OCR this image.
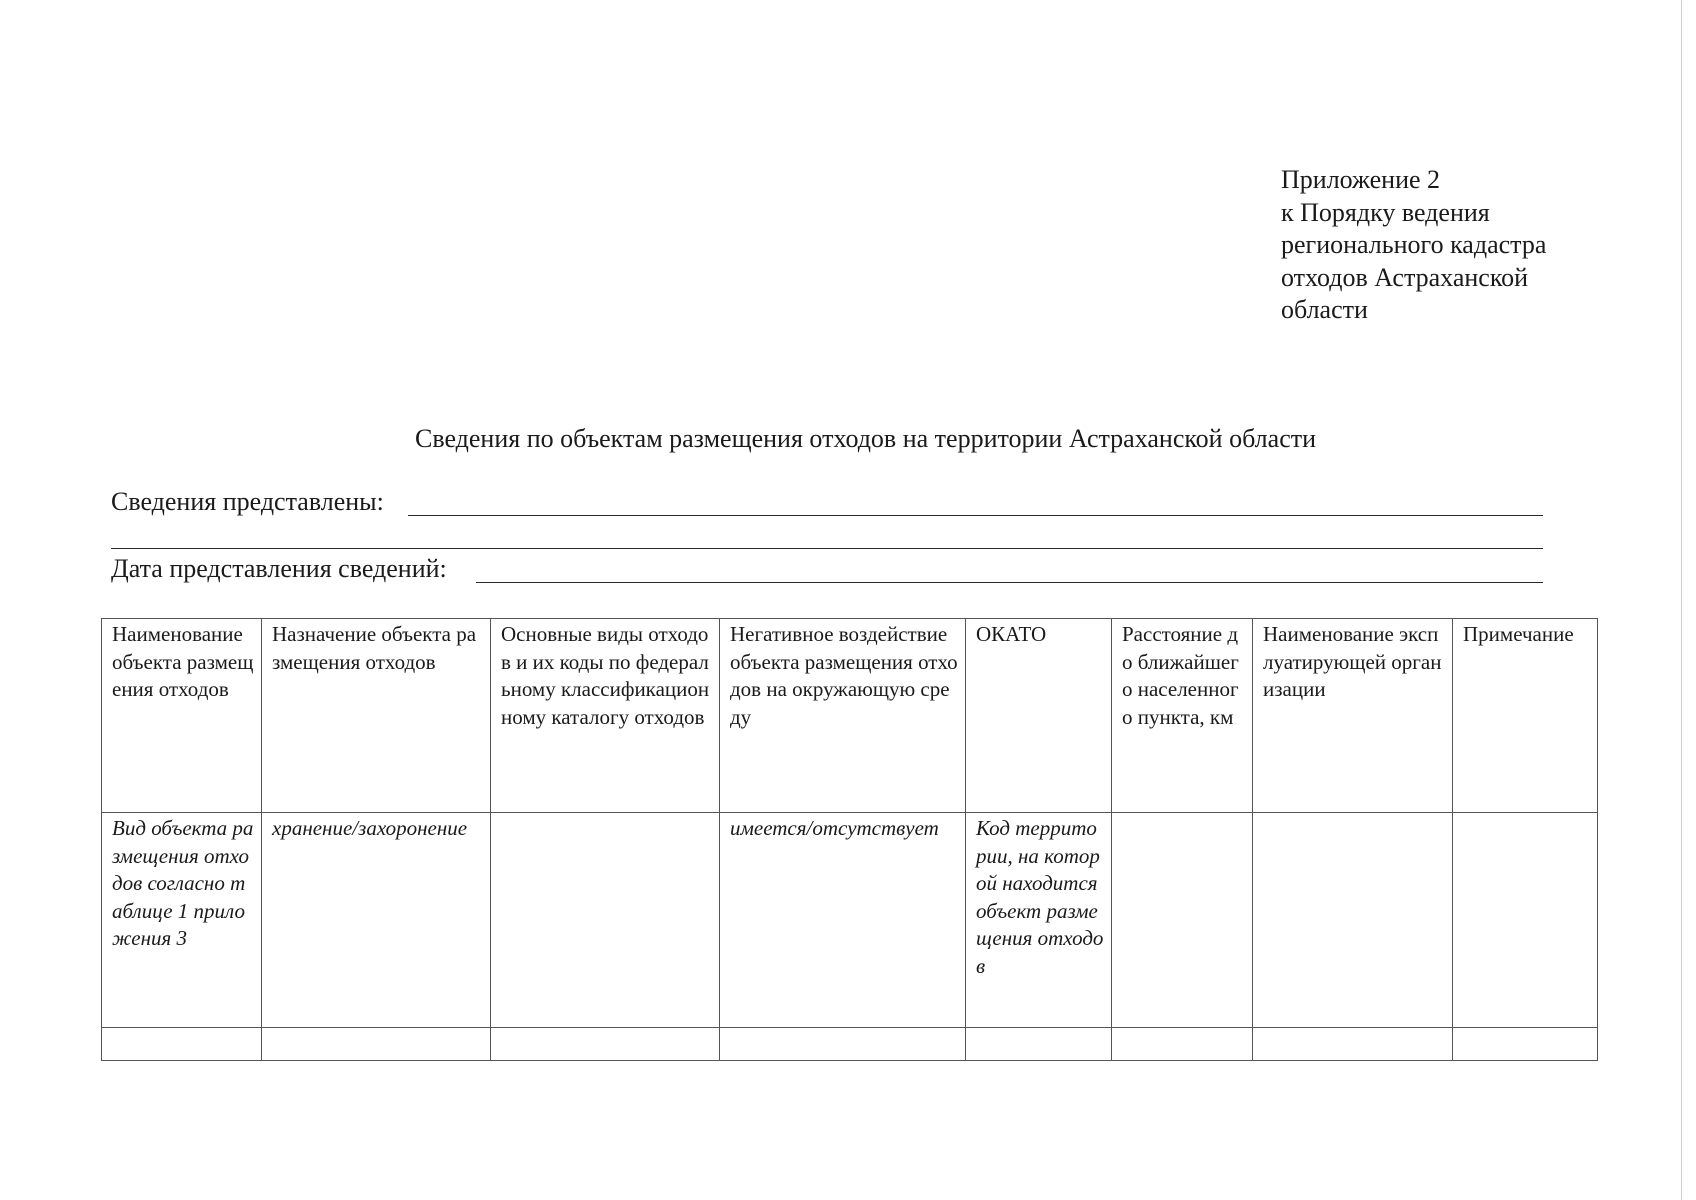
Приложение 2
к Порядку ведения
регионального кадастра
отходов Астраханской
области
Сведения по объектам размещения отходов на территории Астраханской области
Сведения представлены:
Дата представления сведений:
Наименование объекта размещения отходов	Назначение объекта размещения отходов	Основные виды отходов и их коды по федеральному классификационному каталогу отходов	Негативное воздействие объекта размещения отходов на окружающую среду	ОКАТО	Расстояние до ближайшего населенного пункта, км	Наименование эксплуатирующей организации	Примечание
Вид объекта размещения отходов согласно таблице 1 приложения 3	хранение/захоронение		имеется/отсутствует	Код территории, на которой находится объект размещения отходов			
